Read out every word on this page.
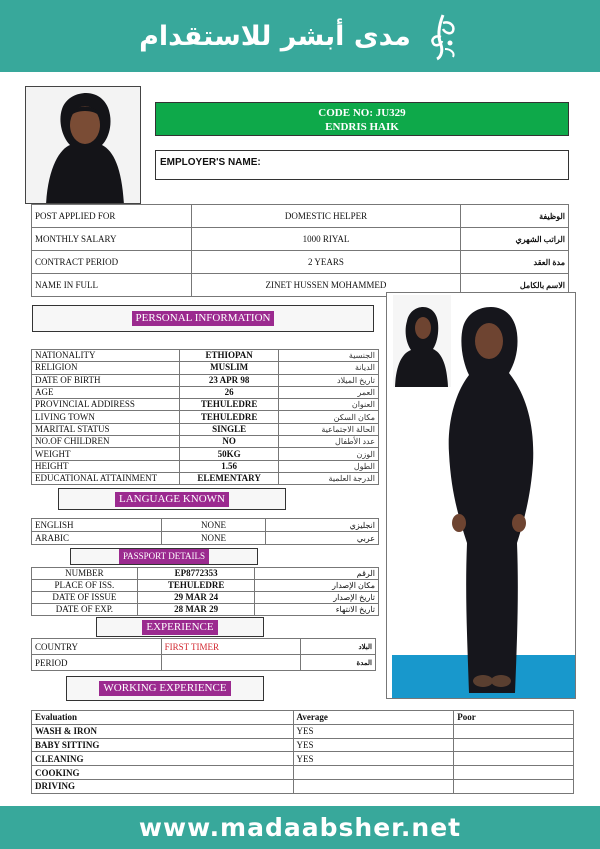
مدى أبشر للاستقدام
CODE NO: JU329
ENDRIS HAIK
EMPLOYER'S NAME:
POST APPLIED FOR	DOMESTIC HELPER	الوظيفة
MONTHLY SALARY	1000 RIYAL	الراتب الشهري
CONTRACT PERIOD	2 YEARS	مدة العقد
NAME IN FULL	ZINET HUSSEN MOHAMMED	الاسم بالكامل
PERSONAL INFORMATION
NATIONALITY	ETHIOPAN	الجنسية
RELIGION	MUSLIM	الديانة
DATE OF BIRTH	23 APR 98	تاريخ الميلاد
AGE	26	العمر
PROVINCIAL ADDIRESS	TEHULEDRE	العنوان
LIVING TOWN	TEHULEDRE	مكان السكن
MARITAL STATUS	SINGLE	الحالة الاجتماعية
NO.OF CHILDREN	NO	عدد الأطفال
WEIGHT	50KG	الوزن
HEIGHT	1.56	الطول
EDUCATIONAL ATTAINMENT	ELEMENTARY	الدرجة العلمية
LANGUAGE KNOWN
ENGLISH	NONE	انجليزي
ARABIC	NONE	عربي
PASSPORT DETAILS
NUMBER	EP8772353	الرقم
PLACE OF ISS.	TEHULEDRE	مكان الإصدار
DATE OF ISSUE	29 MAR 24	تاريخ الإصدار
DATE OF EXP.	28 MAR 29	تاريخ الانتهاء
EXPERIENCE
COUNTRY	FIRST TIMER	البلاد
PERIOD		المدة
WORKING EXPERIENCE
Evaluation	Average	Poor
WASH & IRON	YES	
BABY SITTING	YES	
CLEANING	YES	
COOKING		
DRIVING		
www.madaabsher.net
